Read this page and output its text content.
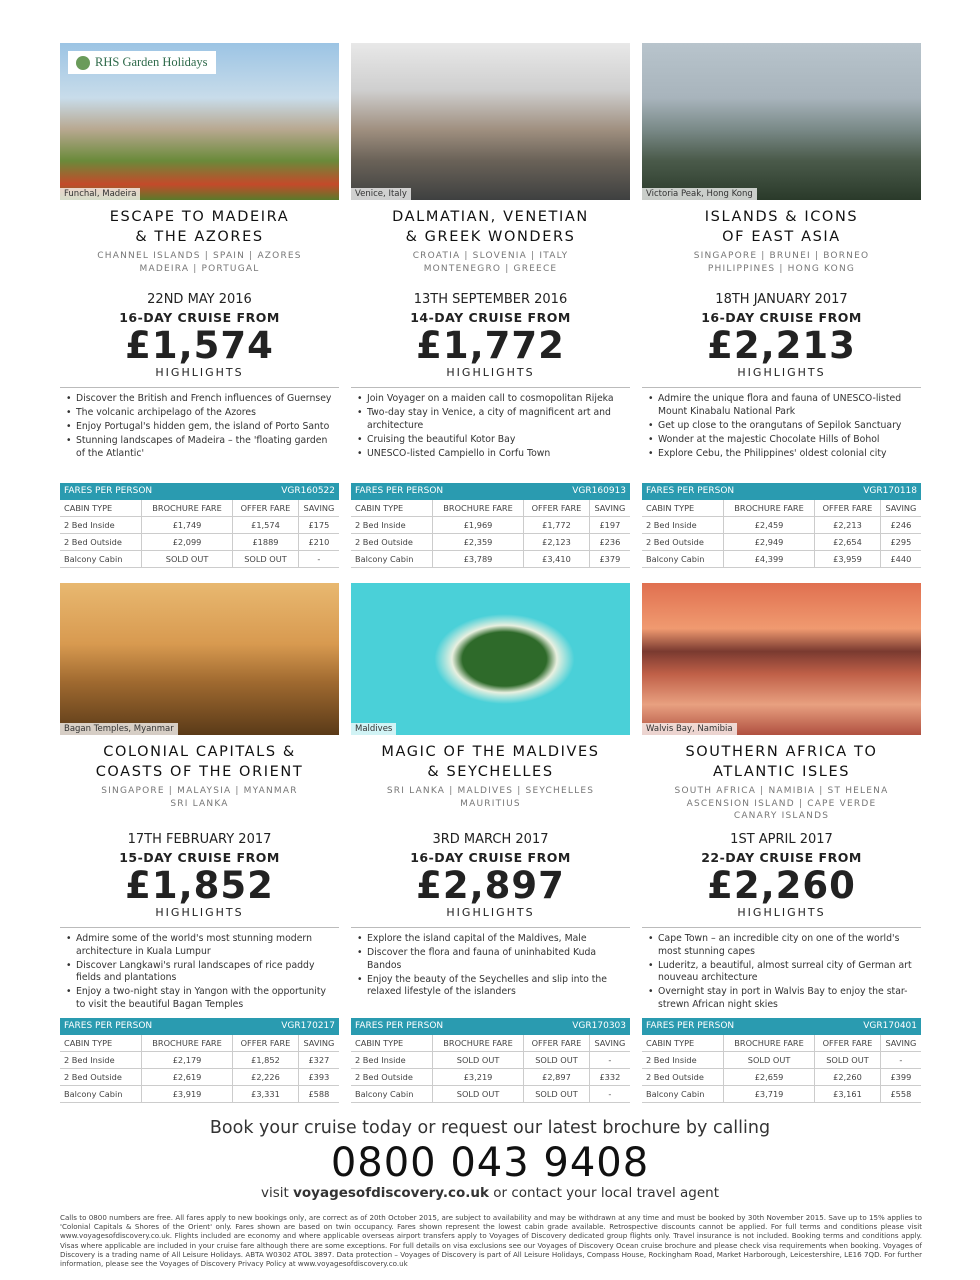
Funchal, Madeira
RHS Garden Holidays
ESCAPE TO MADEIRA
& THE AZORES
CHANNEL ISLANDS | SPAIN | AZORES
MADEIRA | PORTUGAL
22ND MAY 2016
16-DAY CRUISE FROM
£1,574
HIGHLIGHTS
• Discover the British and French influences of Guernsey
• The volcanic archipelago of the Azores
• Enjoy Portugal's hidden gem, the island of Porto Santo
• Stunning landscapes of Madeira – the 'floating garden of the Atlantic'
VGR160522
FARES PER PERSON			
CABIN TYPE	BROCHURE FARE	OFFER FARE	SAVING
2 Bed Inside	£1,749	£1,574	£175
2 Bed Outside	£2,099	£1889	£210
Balcony Cabin	SOLD OUT	SOLD OUT	-
Venice, Italy
DALMATIAN, VENETIAN
& GREEK WONDERS
CROATIA | SLOVENIA | ITALY
MONTENEGRO | GREECE
13TH SEPTEMBER 2016
14-DAY CRUISE FROM
£1,772
HIGHLIGHTS
• Join Voyager on a maiden call to cosmopolitan Rijeka
• Two-day stay in Venice, a city of magnificent art and architecture
• Cruising the beautiful Kotor Bay
• UNESCO-listed Campiello in Corfu Town
VGR160913
FARES PER PERSON			
CABIN TYPE	BROCHURE FARE	OFFER FARE	SAVING
2 Bed Inside	£1,969	£1,772	£197
2 Bed Outside	£2,359	£2,123	£236
Balcony Cabin	£3,789	£3,410	£379
Victoria Peak, Hong Kong
ISLANDS & ICONS
OF EAST ASIA
SINGAPORE | BRUNEI | BORNEO
PHILIPPINES | HONG KONG
18TH JANUARY 2017
16-DAY CRUISE FROM
£2,213
HIGHLIGHTS
• Admire the unique flora and fauna of UNESCO-listed Mount Kinabalu National Park
• Get up close to the orangutans of Sepilok Sanctuary
• Wonder at the majestic Chocolate Hills of Bohol
• Explore Cebu, the Philippines' oldest colonial city
VGR170118
FARES PER PERSON			
CABIN TYPE	BROCHURE FARE	OFFER FARE	SAVING
2 Bed Inside	£2,459	£2,213	£246
2 Bed Outside	£2,949	£2,654	£295
Balcony Cabin	£4,399	£3,959	£440
Bagan Temples, Myanmar
COLONIAL CAPITALS &
COASTS OF THE ORIENT
SINGAPORE | MALAYSIA | MYANMAR
SRI LANKA
17TH FEBRUARY 2017
15-DAY CRUISE FROM
£1,852
HIGHLIGHTS
• Admire some of the world's most stunning modern architecture in Kuala Lumpur
• Discover Langkawi's rural landscapes of rice paddy fields and plantations
• Enjoy a two-night stay in Yangon with the opportunity to visit the beautiful Bagan Temples
VGR170217
FARES PER PERSON			
CABIN TYPE	BROCHURE FARE	OFFER FARE	SAVING
2 Bed Inside	£2,179	£1,852	£327
2 Bed Outside	£2,619	£2,226	£393
Balcony Cabin	£3,919	£3,331	£588
Maldives
MAGIC OF THE MALDIVES
& SEYCHELLES
SRI LANKA | MALDIVES | SEYCHELLES
MAURITIUS
3RD MARCH 2017
16-DAY CRUISE FROM
£2,897
HIGHLIGHTS
• Explore the island capital of the Maldives, Male
• Discover the flora and fauna of uninhabited Kuda Bandos
• Enjoy the beauty of the Seychelles and slip into the relaxed lifestyle of the islanders
VGR170303
FARES PER PERSON			
CABIN TYPE	BROCHURE FARE	OFFER FARE	SAVING
2 Bed Inside	SOLD OUT	SOLD OUT	-
2 Bed Outside	£3,219	£2,897	£332
Balcony Cabin	SOLD OUT	SOLD OUT	-
Walvis Bay, Namibia
SOUTHERN AFRICA TO
ATLANTIC ISLES
SOUTH AFRICA | NAMIBIA | ST HELENA
ASCENSION ISLAND | CAPE VERDE
CANARY ISLANDS
1ST APRIL 2017
22-DAY CRUISE FROM
£2,260
HIGHLIGHTS
• Cape Town – an incredible city on one of the world's most stunning capes
• Luderitz, a beautiful, almost surreal city of German art nouveau architecture
• Overnight stay in port in Walvis Bay to enjoy the star-strewn African night skies
VGR170401
FARES PER PERSON			
CABIN TYPE	BROCHURE FARE	OFFER FARE	SAVING
2 Bed Inside	SOLD OUT	SOLD OUT	-
2 Bed Outside	£2,659	£2,260	£399
Balcony Cabin	£3,719	£3,161	£558
Book your cruise today or request our latest brochure by calling
0800 043 9408
visit voyagesofdiscovery.co.uk or contact your local travel agent
Calls to 0800 numbers are free. All fares apply to new bookings only, are correct as of 20th October 2015, are subject to availability and may be withdrawn at any time and must be booked by 30th November 2015. Save up to 15% applies to 'Colonial Capitals & Shores of the Orient' only. Fares shown are based on twin occupancy. Fares shown represent the lowest cabin grade available. Retrospective discounts cannot be applied. For full terms and conditions please visit www.voyagesofdiscovery.co.uk. Flights included are economy and where applicable overseas airport transfers apply to Voyages of Discovery dedicated group flights only. Travel insurance is not included. Booking terms and conditions apply. Visas where applicable are included in your cruise fare although there are some exceptions. For full details on visa exclusions see our Voyages of Discovery Ocean cruise brochure and please check visa requirements when booking. Voyages of Discovery is a trading name of All Leisure Holidays. ABTA W0302 ATOL 3897. Data protection – Voyages of Discovery is part of All Leisure Holidays, Compass House, Rockingham Road, Market Harborough, Leicestershire, LE16 7QD. For further information, please see the Voyages of Discovery Privacy Policy at www.voyagesofdiscovery.co.uk
